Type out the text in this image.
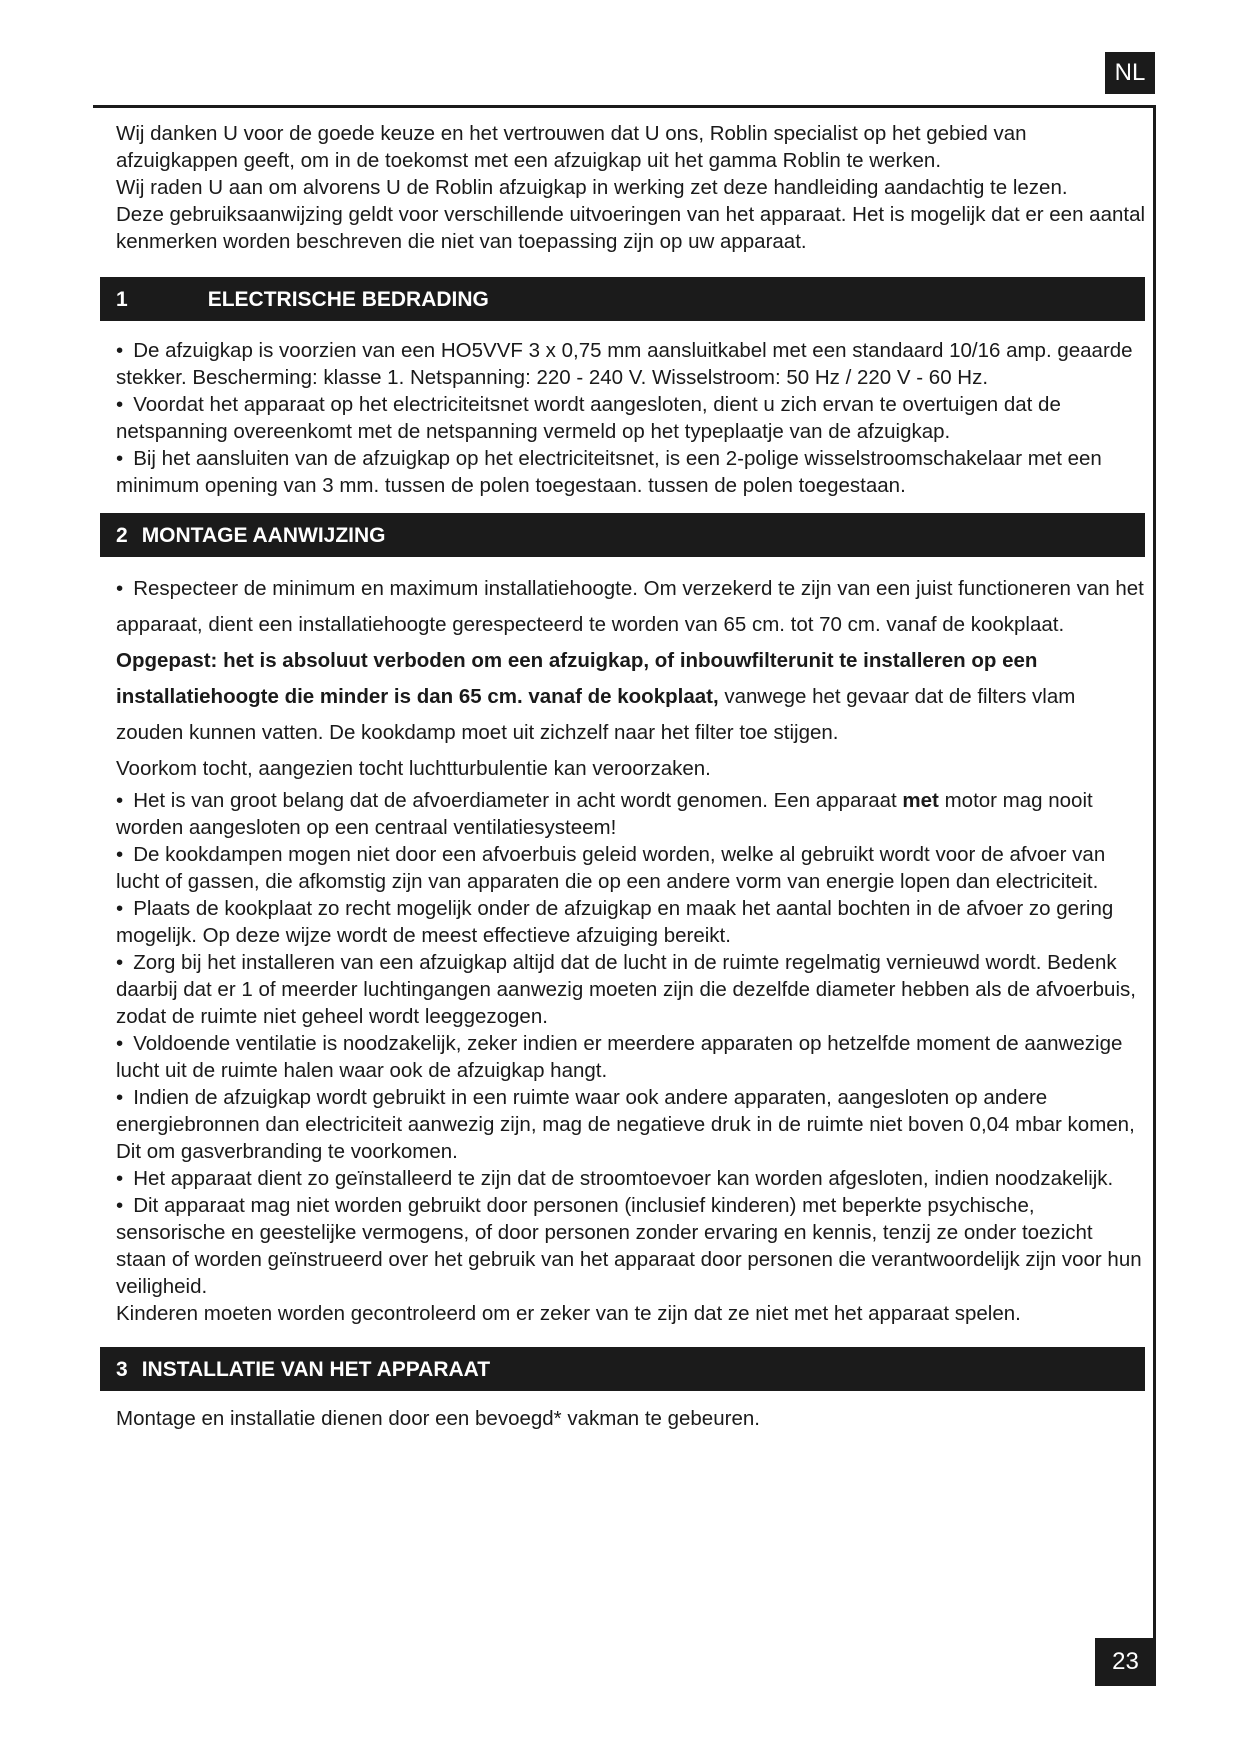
NL

Wij danken U voor de goede keuze en het vertrouwen dat U ons, Roblin specialist op het gebied van afzuigkappen geeft, om in de toekomst met een afzuigkap uit het gamma Roblin te werken.

Wij raden U aan om alvorens U de Roblin afzuigkap in werking zet deze handleiding aandachtig te lezen.

Deze gebruiksaanwijzing geldt voor verschillende uitvoeringen van het apparaat. Het is mogelijk dat er een aantal kenmerken worden beschreven die niet van toepassing zijn op uw apparaat.

1	ELECTRISCHE BEDRADING

• De afzuigkap is voorzien van een HO5VVF 3 x 0,75 mm aansluitkabel met een standaard 10/16 amp. geaarde stekker. Bescherming: klasse 1. Netspanning: 220 - 240 V. Wisselstroom: 50 Hz / 220 V - 60 Hz.

• Voordat het apparaat op het electriciteitsnet wordt aangesloten, dient u zich ervan te overtuigen dat de netspanning overeenkomt met de netspanning vermeld op het typeplaatje van de afzuigkap.

• Bij het aansluiten van de afzuigkap op het electriciteitsnet, is een 2-polige wisselstroomschakelaar met een minimum opening van 3 mm. tussen de polen toegestaan. tussen de polen toegestaan.

2 MONTAGE AANWIJZING

• Respecteer de minimum en maximum installatiehoogte. Om verzekerd te zijn van een juist functioneren van het apparaat, dient een installatiehoogte gerespecteerd te worden van 65 cm. tot 70 cm. vanaf de kookplaat. Opgepast: het is absoluut verboden om een afzuigkap, of inbouwfilterunit te installeren op een installatiehoogte die minder is dan 65 cm. vanaf de kookplaat, vanwege het gevaar dat de filters vlam zouden kunnen vatten. De kookdamp moet uit zichzelf naar het filter toe stijgen.

Voorkom tocht, aangezien tocht luchtturbulentie kan veroorzaken.

• Het is van groot belang dat de afvoerdiameter in acht wordt genomen. Een apparaat met motor mag nooit worden aangesloten op een centraal ventilatiesysteem!

• De kookdampen mogen niet door een afvoerbuis geleid worden, welke al gebruikt wordt voor de afvoer van lucht of gassen, die afkomstig zijn van apparaten die op een andere vorm van energie lopen dan electriciteit.

• Plaats de kookplaat zo recht mogelijk onder de afzuigkap en maak het aantal bochten in de afvoer zo gering mogelijk. Op deze wijze wordt de meest effectieve afzuiging bereikt.

• Zorg bij het installeren van een afzuigkap altijd dat de lucht in de ruimte regelmatig vernieuwd wordt. Bedenk daarbij dat er 1 of meerder luchtingangen aanwezig moeten zijn die dezelfde diameter hebben als de afvoerbuis, zodat de ruimte niet geheel wordt leeggezogen.

• Voldoende ventilatie is noodzakelijk, zeker indien er meerdere apparaten op hetzelfde moment de aanwezige lucht uit de ruimte halen waar ook de afzuigkap hangt.

• Indien de afzuigkap wordt gebruikt in een ruimte waar ook andere apparaten, aangesloten op andere energiebronnen dan electriciteit aanwezig zijn, mag de negatieve druk in de ruimte niet boven 0,04 mbar komen, Dit om gasverbranding te voorkomen.

• Het apparaat dient zo geïnstalleerd te zijn dat de stroomtoevoer kan worden afgesloten, indien noodzakelijk.

• Dit apparaat mag niet worden gebruikt door personen (inclusief kinderen) met beperkte psychische, sensorische en geestelijke vermogens, of door personen zonder ervaring en kennis, tenzij ze onder toezicht staan of worden geïnstrueerd over het gebruik van het apparaat door personen die verantwoordelijk zijn voor hun veiligheid.

Kinderen moeten worden gecontroleerd om er zeker van te zijn dat ze niet met het apparaat spelen.

3 INSTALLATIE VAN HET APPARAAT

Montage en installatie dienen door een bevoegd* vakman te gebeuren.

23
